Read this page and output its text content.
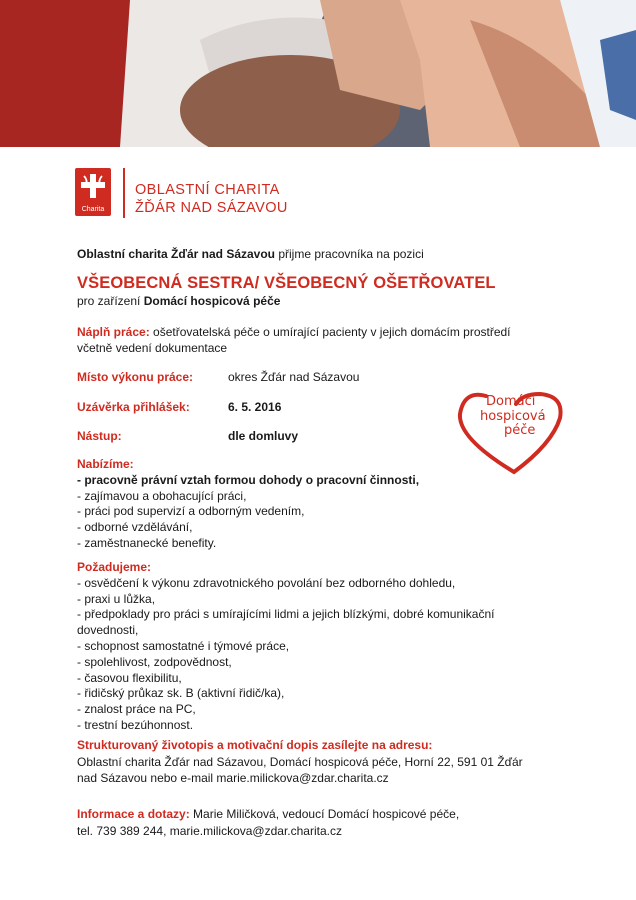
Charita
OBLASTNÍ CHARITA
ŽĎÁR NAD SÁZAVOU

Oblastní charita Žďár nad Sázavou přijme pracovníka na pozici

VŠEOBECNÁ SESTRA/ VŠEOBECNÝ OŠETŘOVATEL

pro zařízení Domácí hospicová péče

Náplň práce: ošetřovatelská péče o umírající pacienty v jejich domácím prostředí včetně vedení dokumentace

Místo výkonu práce:	okres Žďár nad Sázavou
Uzávěrka přihlášek:	6. 5. 2016
Nástup:	dle domluvy
Domácí
hospicová
péče
Nabízíme:
- pracovně právní vztah formou dohody o pracovní činnosti,
- zajímavou a obohacující práci,
- práci pod supervizí a odborným vedením,
- odborné vzdělávání,
- zaměstnanecké benefity.
Požadujeme:
- osvědčení k výkonu zdravotnického povolání bez odborného dohledu,
- praxi u lůžka,
- předpoklady pro práci s umírajícími lidmi a jejich blízkými, dobré komunikační dovednosti,
- schopnost samostatné i týmové práce,
- spolehlivost, zodpovědnost,
- časovou flexibilitu,
- řidičský průkaz sk. B (aktivní řidič/ka),
- znalost práce na PC,
- trestní bezúhonnost.
Strukturovaný životopis a motivační dopis zasílejte na adresu:
Oblastní charita Žďár nad Sázavou, Domácí hospicová péče, Horní 22, 591 01 Žďár nad Sázavou nebo e-mail marie.milickova@zdar.charita.cz
Informace a dotazy: Marie Miličková, vedoucí Domácí hospicové péče,
tel. 739 389 244, marie.milickova@zdar.charita.cz
